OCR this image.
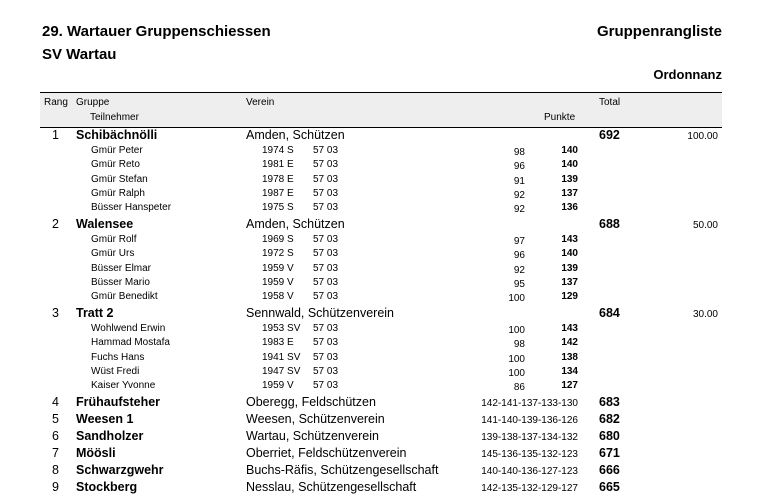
29. Wartauer Gruppenschiessen
SV Wartau
Gruppenrangliste
Ordonnanz
Rang Gruppe
Teilnehmer
Verein
Punkte
Total
1 Schibächnölli	Amden, Schützen	692	100.00
Gmür Peter	1974 S 57 03	98	140
Gmür Reto	1981 E 57 03	96	140
Gmür Stefan	1978 E 57 03	91	139
Gmür Ralph	1987 E 57 03	92	137
Büsser Hanspeter	1975 S 57 03	92	136
2 Walensee	Amden, Schützen	688	50.00
Gmür Rolf	1969 S 57 03	97	143
Gmür Urs	1972 S 57 03	96	140
Büsser Elmar	1959 V 57 03	92	139
Büsser Mario	1959 V 57 03	95	137
Gmür Benedikt	1958 V 57 03	100	129
3 Tratt 2	Sennwald, Schützenverein	684	30.00
Wohlwend Erwin	1953 SV 57 03	100	143
Hammad Mostafa	1983 E 57 03	98	142
Fuchs Hans	1941 SV 57 03	100	138
Wüst Fredi	1947 SV 57 03	100	134
Kaiser Yvonne	1959 V 57 03	86	127
4 Frühaufsteher	Oberegg, Feldschützen	142-141-137-133-130 683
5 Weesen 1	Weesen, Schützenverein	141-140-139-136-126 682
6 Sandholzer	Wartau, Schützenverein	139-138-137-134-132 680
7 Möösli	Oberriet, Feldschützenverein	145-136-135-132-123 671
8 Schwarzgwehr	Buchs-Räfis, Schützengesellschaft	140-140-136-127-123 666
9 Stockberg	Nesslau, Schützengesellschaft	142-135-132-129-127 665
